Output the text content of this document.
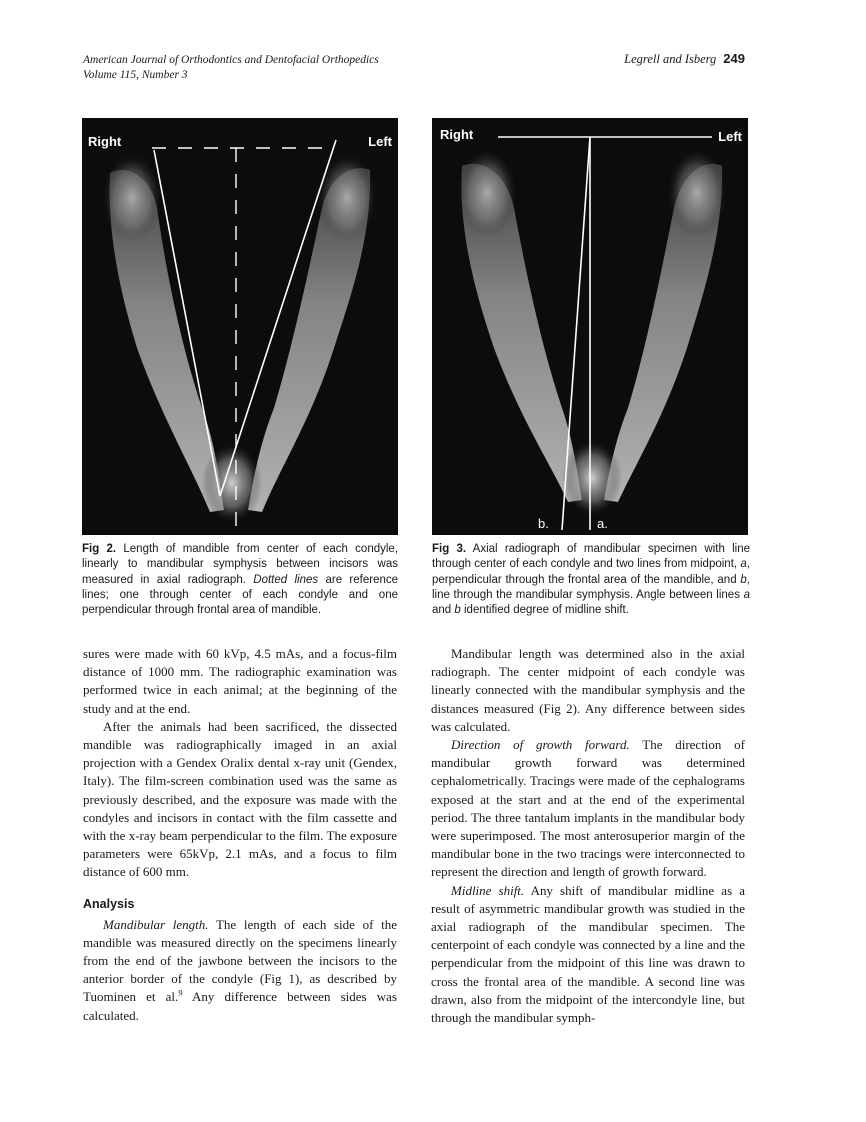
American Journal of Orthodontics and Dentofacial Orthopedics
Volume 115, Number 3
Legrell and Isberg 249
Right	Left	Right	Left
b.	a.
Fig 2. Length of mandible from center of each condyle, linearly to mandibular symphysis between incisors was measured in axial radiograph. Dotted lines are reference lines; one through center of each condyle and one perpendicular through frontal area of mandible.
Fig 3. Axial radiograph of mandibular specimen with line through center of each condyle and two lines from midpoint, a, perpendicular through the frontal area of the mandible, and b, line through the mandibular symphysis. Angle between lines a and b identified degree of midline shift.

sures were made with 60 kVp, 4.5 mAs, and a focus-film distance of 1000 mm. The radiographic examination was performed twice in each animal; at the beginning of the study and at the end.

After the animals had been sacrificed, the dissected mandible was radiographically imaged in an axial projection with a Gendex Oralix dental x-ray unit (Gendex, Italy). The film-screen combination used was the same as previously described, and the exposure was made with the condyles and incisors in contact with the film cassette and with the x-ray beam perpendicular to the film. The exposure parameters were 65kVp, 2.1 mAs, and a focus to film distance of 600 mm.

Analysis

Mandibular length. The length of each side of the mandible was measured directly on the specimens linearly from the end of the jawbone between the incisors to the anterior border of the condyle (Fig 1), as described by Tuominen et al.$^9$ Any difference between sides was calculated.

Mandibular length was determined also in the axial radiograph. The center midpoint of each condyle was linearly connected with the mandibular symphysis and the distances measured (Fig 2). Any difference between sides was calculated.

Direction of growth forward. The direction of mandibular growth forward was determined cephalometrically. Tracings were made of the cephalograms exposed at the start and at the end of the experimental period. The three tantalum implants in the mandibular body were superimposed. The most anterosuperior margin of the mandibular bone in the two tracings were interconnected to represent the direction and length of growth forward.

Midline shift. Any shift of mandibular midline as a result of asymmetric mandibular growth was studied in the axial radiograph of the mandibular specimen. The centerpoint of each condyle was connected by a line and the perpendicular from the midpoint of this line was drawn to cross the frontal area of the mandible. A second line was drawn, also from the midpoint of the intercondyle line, but through the mandibular symph-
